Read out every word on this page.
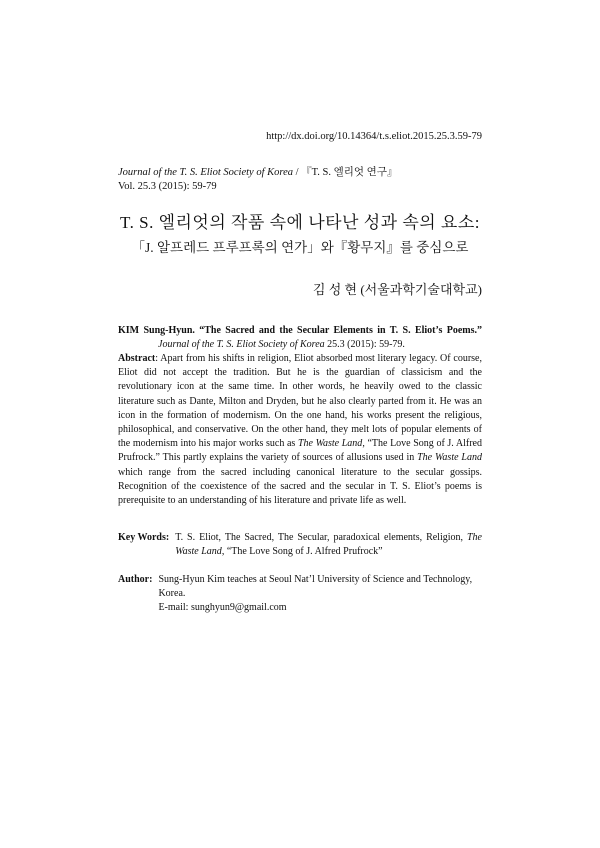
http://dx.doi.org/10.14364/t.s.eliot.2015.25.3.59-79
Journal of the T. S. Eliot Society of Korea / 『T. S. 엘리엇 연구』
Vol. 25.3 (2015): 59-79
T. S. 엘리엇의 작품 속에 나타난 성과 속의 요소:
「J. 알프레드 프루프록의 연가」와『황무지』를 중심으로
김 성 현 (서울과학기술대학교)
KIM Sung-Hyun. “The Sacred and the Secular Elements in T. S. Eliot’s Poems.”
Journal of the T. S. Eliot Society of Korea 25.3 (2015): 59-79.
Abstract: Apart from his shifts in religion, Eliot absorbed most literary legacy. Of course, Eliot did not accept the tradition. But he is the guardian of classicism and the revolutionary icon at the same time. In other words, he heavily owed to the classic literature such as Dante, Milton and Dryden, but he also clearly parted from it. He was an icon in the formation of modernism. On the one hand, his works present the religious, philosophical, and conservative. On the other hand, they melt lots of popular elements of the modernism into his major works such as The Waste Land, “The Love Song of J. Alfred Prufrock.” This partly explains the variety of sources of allusions used in The Waste Land which range from the sacred including canonical literature to the secular gossips. Recognition of the coexistence of the sacred and the secular in T. S. Eliot’s poems is prerequisite to an understanding of his literature and private life as well.
Key Words: T. S. Eliot, The Sacred, The Secular, paradoxical elements, Religion, The Waste Land, “The Love Song of J. Alfred Prufrock”
Author: Sung-Hyun Kim teaches at Seoul Nat’l University of Science and Technology, Korea.
E-mail: sunghyun9@gmail.com
